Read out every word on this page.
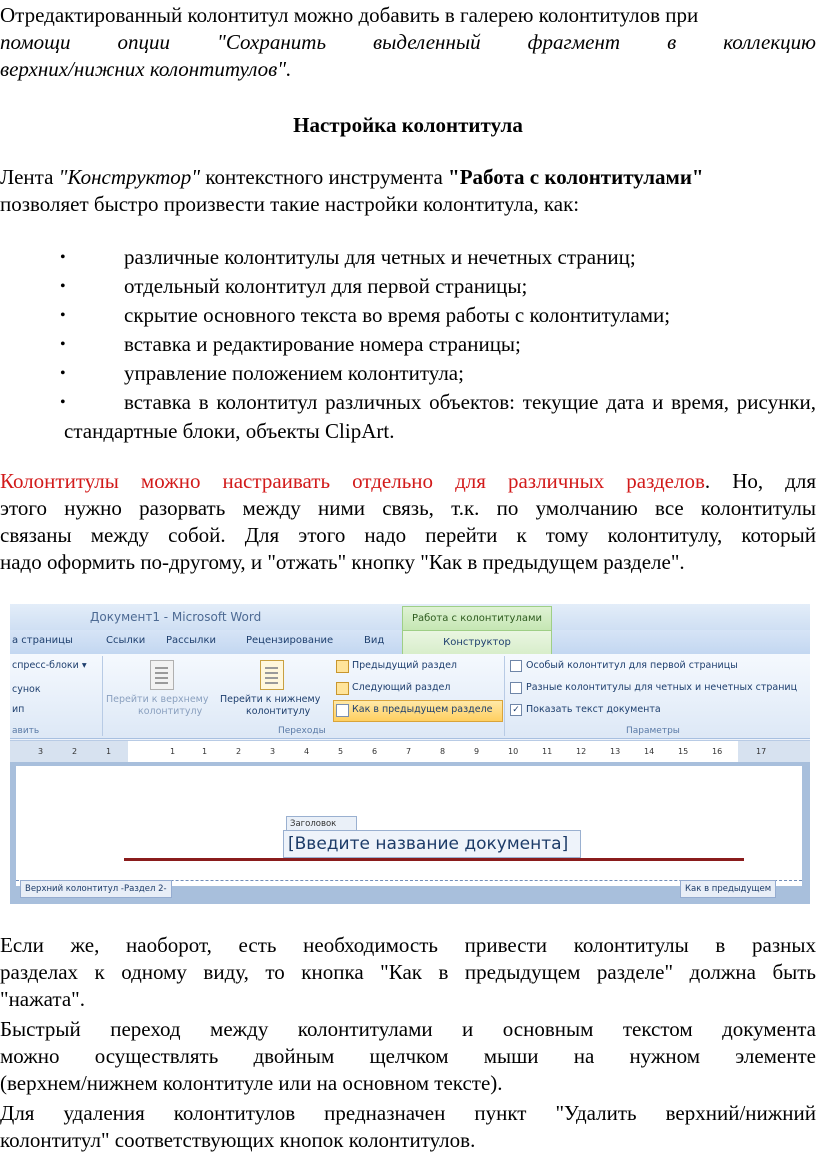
Отредактированный колонтитул можно добавить в галерею колонтитулов при
помощи опции "Сохранить выделенный фрагмент в коллекцию
верхних/нижних колонтитулов".
Настройка колонтитула
Лента "Конструктор" контекстного инструмента "Работа с колонтитулами"
позволяет быстро произвести такие настройки колонтитула, как:
•	различные колонтитулы для четных и нечетных страниц;
•	отдельный колонтитул для первой страницы;
•	скрытие основного текста во время работы с колонтитулами;
•	вставка и редактирование номера страницы;
•	управление положением колонтитула;
•	вставка в колонтитул различных объектов: текущие дата и время, рисунки, стандартные блоки, объекты ClipArt.
Колонтитулы можно настраивать отдельно для различных разделов. Но, для
этого нужно разорвать между ними связь, т.к. по умолчанию все колонтитулы
связаны между собой. Для этого надо перейти к тому колонтитулу, который
надо оформить по-другому, и "отжать" кнопку "Как в предыдущем разделе".
Документ1 - Microsoft Word	Работа с колонтитулами
а страницы	Ссылки Рассылки	Рецензирование	Вид	Конструктор
спресс-блоки ▾
сунок
ип
авить
Перейти к верхнему
колонтитулу
Перейти к нижнему
колонтитулу
Предыдущий раздел
Следующий раздел
Как в предыдущем разделе
Переходы
Особый колонтитул для первой страницы
Разные колонтитулы для четных и нечетных страниц
✓ Показать текст документа
Параметры
3	2	1	1	1	2	3	4	5	6	7	8	9	10	11	12	13	14	15	16	17
Заголовок
[Введите название документа]
Верхний колонтитул -Раздел 2-	Как в предыдущем
Если же, наоборот, есть необходимость привести колонтитулы в разных
разделах к одному виду, то кнопка "Как в предыдущем разделе" должна быть
"нажата".
Быстрый переход между колонтитулами и основным текстом документа
можно осуществлять двойным щелчком мыши на нужном элементе
(верхнем/нижнем колонтитуле или на основном тексте).
Для удаления колонтитулов предназначен пункт "Удалить верхний/нижний
колонтитул" соответствующих кнопок колонтитулов.
